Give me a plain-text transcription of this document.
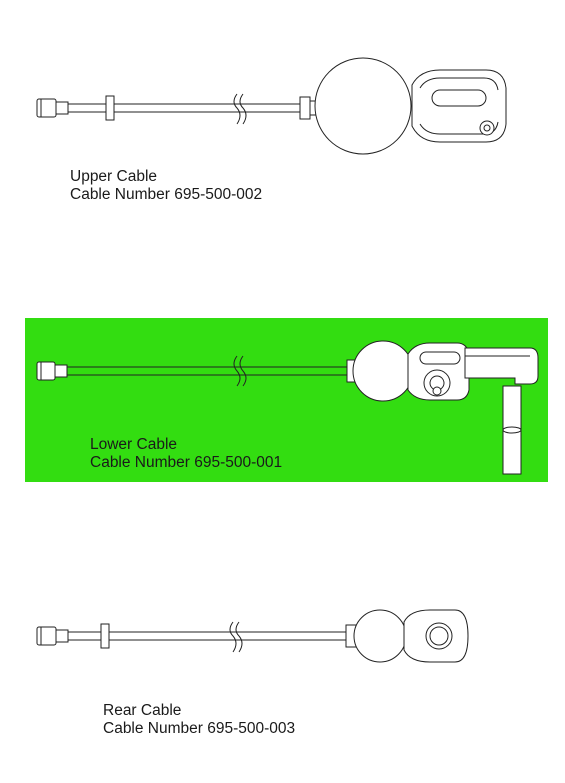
Upper Cable
Cable Number 695-500-002
Lower Cable
Cable Number 695-500-001
Rear Cable
Cable Number 695-500-003
